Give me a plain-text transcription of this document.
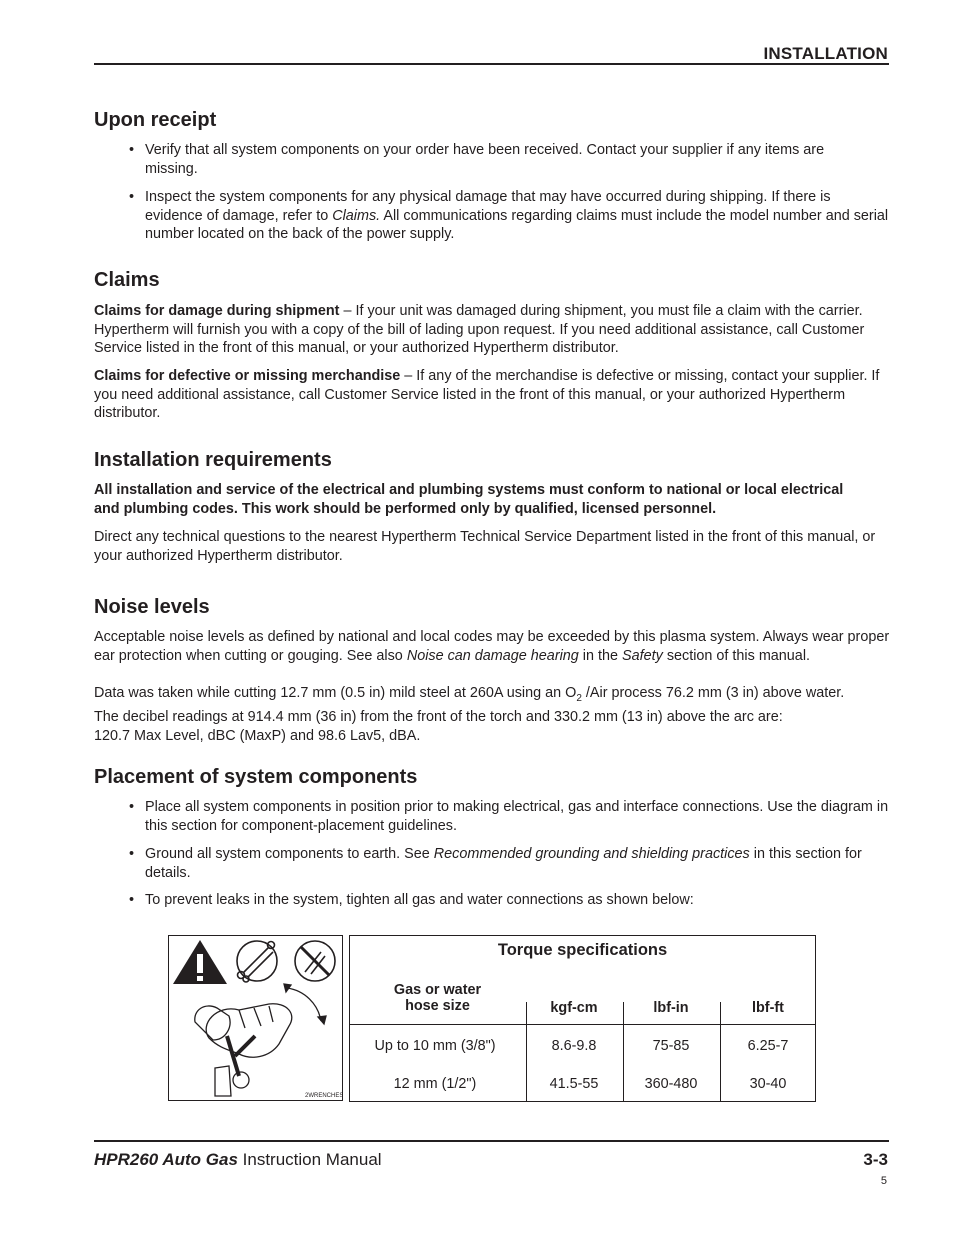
INSTALLATION
Upon receipt
• Verify that all system components on your order have been received. Contact your supplier if any items are missing.
• Inspect the system components for any physical damage that may have occurred during shipping. If there is evidence of damage, refer to Claims. All communications regarding claims must include the model number and serial number located on the back of the power supply.
Claims

Claims for damage during shipment – If your unit was damaged during shipment, you must file a claim with the carrier. Hypertherm will furnish you with a copy of the bill of lading upon request. If you need additional assistance, call Customer Service listed in the front of this manual, or your authorized Hypertherm distributor.

Claims for defective or missing merchandise – If any of the merchandise is defective or missing, contact your supplier. If you need additional assistance, call Customer Service listed in the front of this manual, or your authorized Hypertherm distributor.

Installation requirements

All installation and service of the electrical and plumbing systems must conform to national or local electrical and plumbing codes. This work should be performed only by qualified, licensed personnel.

Direct any technical questions to the nearest Hypertherm Technical Service Department listed in the front of this manual, or your authorized Hypertherm distributor.

Noise levels

Acceptable noise levels as defined by national and local codes may be exceeded by this plasma system. Always wear proper ear protection when cutting or gouging. See also Noise can damage hearing in the Safety section of this manual.

Data was taken while cutting 12.7 mm (0.5 in) mild steel at 260A using an $O_2$ /Air process 76.2 mm (3 in) above water.
The decibel readings at 914.4 mm (36 in) from the front of the torch and 330.2 mm (13 in) above the arc are:
120.7 Max Level, dBC (MaxP) and 98.6 Lav5, dBA.

Placement of system components
• Place all system components in position prior to making electrical, gas and interface connections. Use the diagram in this section for component-placement guidelines.
• Ground all system components to earth. See Recommended grounding and shielding practices in this section for details.
• To prevent leaks in the system, tighten all gas and water connections as shown below:
2WRENCHES
Torque specifications
Gas or water
hose size	kgf-cm	lbf-in	lbf-ft
Up to 10 mm (3/8")	8.6-9.8	75-85	6.25-7
12 mm (1/2")	41.5-55	360-480	30-40
HPR260 Auto Gas Instruction Manual	3-3
5
